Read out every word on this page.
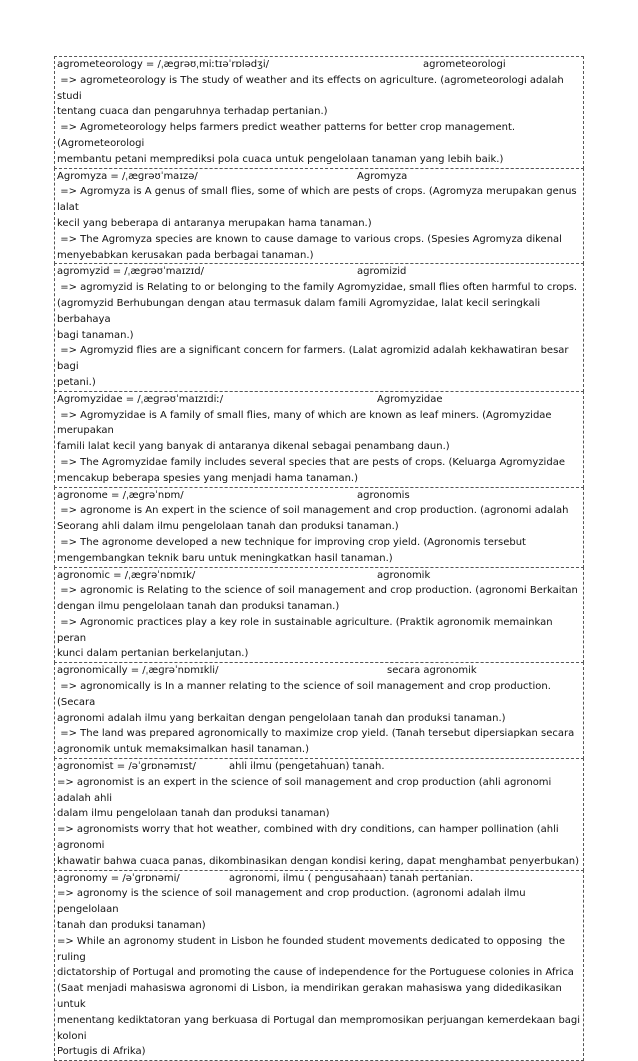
agrometeorology = /ˌæɡrəʊˌmiːtɪəˈrɒlədʒi/	agrometeorologi
=> agrometeorology is The study of weather and its effects on agriculture. (agrometeorologi adalah studi
tentang cuaca dan pengaruhnya terhadap pertanian.)
=> Agrometeorology helps farmers predict weather patterns for better crop management. (Agrometeorologi
membantu petani memprediksi pola cuaca untuk pengelolaan tanaman yang lebih baik.)
Agromyza = /ˌæɡrəʊˈmaɪzə/	Agromyza
=> Agromyza is A genus of small flies, some of which are pests of crops. (Agromyza merupakan genus lalat
kecil yang beberapa di antaranya merupakan hama tanaman.)
=> The Agromyza species are known to cause damage to various crops. (Spesies Agromyza dikenal
menyebabkan kerusakan pada berbagai tanaman.)
agromyzid = /ˌæɡrəʊˈmaɪzɪd/	agromizid
=> agromyzid is Relating to or belonging to the family Agromyzidae, small flies often harmful to crops.
(agromyzid Berhubungan dengan atau termasuk dalam famili Agromyzidae, lalat kecil seringkali berbahaya
bagi tanaman.)
=> Agromyzid flies are a significant concern for farmers. (Lalat agromizid adalah kekhawatiran besar bagi
petani.)
Agromyzidae = /ˌæɡrəʊˈmaɪzɪdiː/	Agromyzidae
=> Agromyzidae is A family of small flies, many of which are known as leaf miners. (Agromyzidae merupakan
famili lalat kecil yang banyak di antaranya dikenal sebagai penambang daun.)
=> The Agromyzidae family includes several species that are pests of crops. (Keluarga Agromyzidae
mencakup beberapa spesies yang menjadi hama tanaman.)
agronome = /ˌæɡrəˈnɒm/	agronomis
=> agronome is An expert in the science of soil management and crop production. (agronomi adalah
Seorang ahli dalam ilmu pengelolaan tanah dan produksi tanaman.)
=> The agronome developed a new technique for improving crop yield. (Agronomis tersebut
mengembangkan teknik baru untuk meningkatkan hasil tanaman.)
agronomic = /ˌæɡrəˈnɒmɪk/	agronomik
=> agronomic is Relating to the science of soil management and crop production. (agronomi Berkaitan
dengan ilmu pengelolaan tanah dan produksi tanaman.)
=> Agronomic practices play a key role in sustainable agriculture. (Praktik agronomik memainkan peran
kunci dalam pertanian berkelanjutan.)
agronomically = /ˌæɡrəˈnɒmɪkli/	secara agronomik
=> agronomically is In a manner relating to the science of soil management and crop production. (Secara
agronomi adalah ilmu yang berkaitan dengan pengelolaan tanah dan produksi tanaman.)
=> The land was prepared agronomically to maximize crop yield. (Tanah tersebut dipersiapkan secara
agronomik untuk memaksimalkan hasil tanaman.)
agronomist = /əˈɡrɒnəmɪst/	ahli ilmu (pengetahuan) tanah.
=> agronomist is an expert in the science of soil management and crop production (ahli agronomi adalah ahli
dalam ilmu pengelolaan tanah dan produksi tanaman)
=> agronomists worry that hot weather, combined with dry conditions, can hamper pollination (ahli
agronomi
khawatir bahwa cuaca panas, dikombinasikan dengan kondisi kering, dapat menghambat penyerbukan)
agronomy = /əˈɡrɒnəmi/	agronomi, ilmu ( pengusahaan) tanah pertanian.
=> agronomy is the science of soil management and crop production. (agronomi adalah ilmu pengelolaan
tanah dan produksi tanaman)
=> While an agronomy student in Lisbon he founded student movements dedicated to opposing  the ruling
dictatorship of Portugal and promoting the cause of independence for the Portuguese colonies in Africa
(Saat menjadi mahasiswa agronomi di Lisbon, ia mendirikan gerakan mahasiswa yang didedikasikan untuk
menentang kediktatoran yang berkuasa di Portugal dan mempromosikan perjuangan kemerdekaan bagi
koloni
Portugis di Afrika)
